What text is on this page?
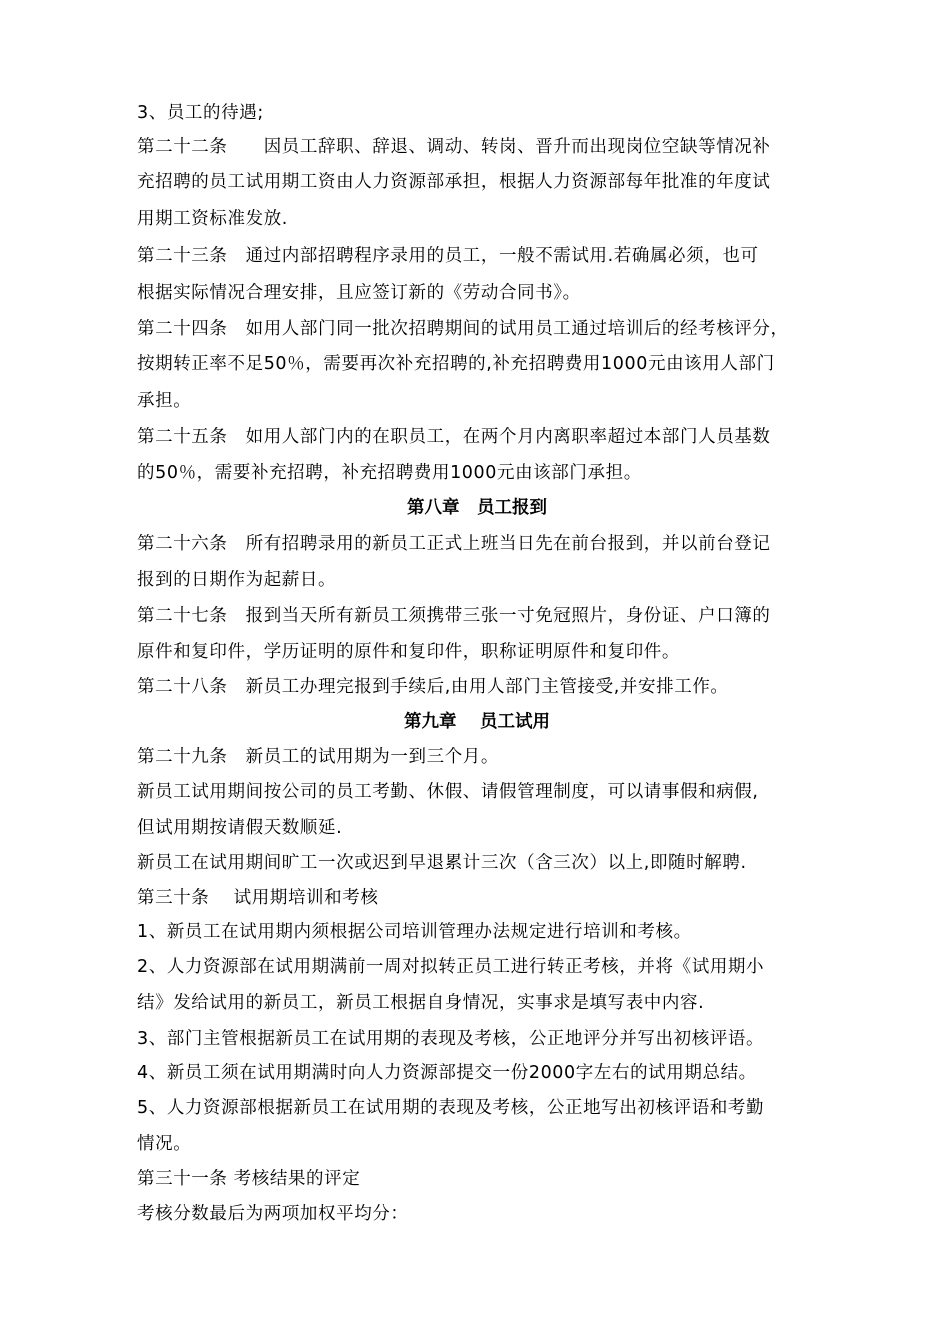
3、员工的待遇;
第二十二条　　因员工辞职、辞退、调动、转岗、晋升而出现岗位空缺等情况补
充招聘的员工试用期工资由人力资源部承担，根据人力资源部每年批准的年度试
用期工资标准发放.
第二十三条　通过内部招聘程序录用的员工，一般不需试用.若确属必须，也可
根据实际情况合理安排，且应签订新的《劳动合同书》。
第二十四条　如用人部门同一批次招聘期间的试用员工通过培训后的经考核评分，
按期转正率不足50％，需要再次补充招聘的,补充招聘费用1000元由该用人部门
承担。
第二十五条　如用人部门内的在职员工，在两个月内离职率超过本部门人员基数
的50％，需要补充招聘，补充招聘费用1000元由该部门承担。
第八章　员工报到
第二十六条　所有招聘录用的新员工正式上班当日先在前台报到，并以前台登记
报到的日期作为起薪日。
第二十七条　报到当天所有新员工须携带三张一寸免冠照片，身份证、户口簿的
原件和复印件，学历证明的原件和复印件，职称证明原件和复印件。
第二十八条　新员工办理完报到手续后,由用人部门主管接受,并安排工作。
第九章　 员工试用
第二十九条　新员工的试用期为一到三个月。
新员工试用期间按公司的员工考勤、休假、请假管理制度，可以请事假和病假,
但试用期按请假天数顺延.
新员工在试用期间旷工一次或迟到早退累计三次（含三次）以上,即随时解聘.
第三十条　 试用期培训和考核
1、新员工在试用期内须根据公司培训管理办法规定进行培训和考核。
2、人力资源部在试用期满前一周对拟转正员工进行转正考核，并将《试用期小
结》发给试用的新员工，新员工根据自身情况，实事求是填写表中内容.
3、部门主管根据新员工在试用期的表现及考核，公正地评分并写出初核评语。
4、新员工须在试用期满时向人力资源部提交一份2000字左右的试用期总结。
5、人力资源部根据新员工在试用期的表现及考核，公正地写出初核评语和考勤
情况。
第三十一条 考核结果的评定
考核分数最后为两项加权平均分：
